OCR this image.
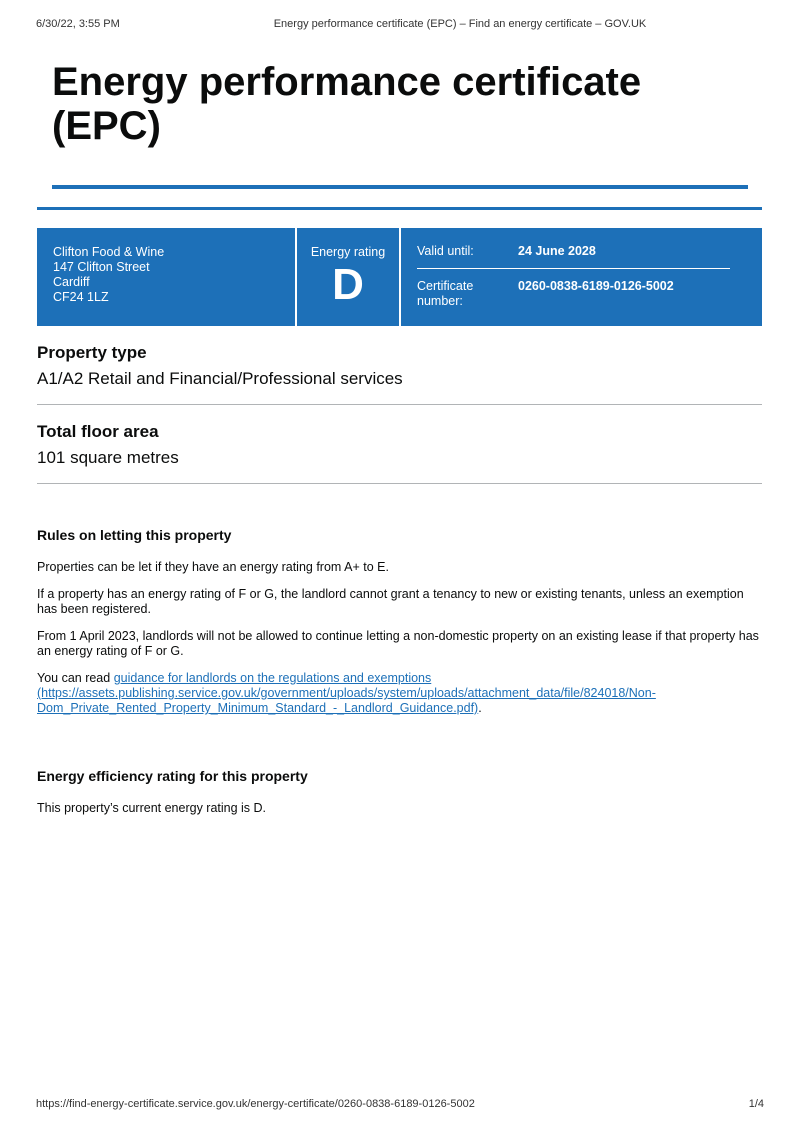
6/30/22, 3:55 PM	Energy performance certificate (EPC) – Find an energy certificate – GOV.UK
Energy performance certificate (EPC)
Clifton Food & Wine
147 Clifton Street
Cardiff
CF24 1LZ
Energy rating
D
Valid until:	24 June 2028
Certificate
number:
0260-0838-6189-0126-5002
Property type

A1/A2 Retail and Financial/Professional services

Total floor area

101 square metres

Rules on letting this property

Properties can be let if they have an energy rating from A+ to E.

If a property has an energy rating of F or G, the landlord cannot grant a tenancy to new or existing tenants, unless an exemption has been registered.

From 1 April 2023, landlords will not be allowed to continue letting a non-domestic property on an existing lease if that property has an energy rating of F or G.

You can read guidance for landlords on the regulations and exemptions
(https://assets.publishing.service.gov.uk/government/uploads/system/uploads/attachment_data/file/824018/Non-
Dom_Private_Rented_Property_Minimum_Standard_-_Landlord_Guidance.pdf).

Energy efficiency rating for this property

This property’s current energy rating is D.

https://find-energy-certificate.service.gov.uk/energy-certificate/0260-0838-6189-0126-5002	1/4
